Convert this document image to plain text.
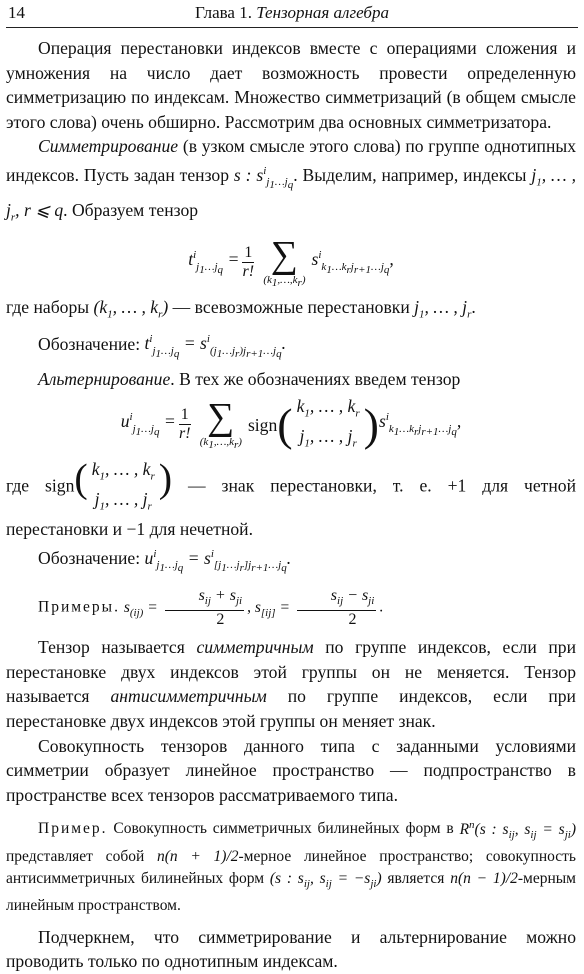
14	Глава 1. Тензорная алгебра

Операция перестановки индексов вместе с операциями сложения и умножения на число дает возможность провести определенную симметризацию по индексам. Множество симметризаций (в общем смысле этого слова) очень обширно. Рассмотрим два основных симметризатора.

Симметрирование (в узком смысле этого слова) по группе однотипных индексов. Пусть задан тензор s : $s^i_{j_1\dots j_q}$. Выделим, например, индексы $j_1$, … , $j_r$, r ⩽ q. Образуем тензор

$t^i_{j_1\dots j_q} = \frac{1}{r!}$ ∑
$(k_1,\dots,k_r)$
$s^i_{k_1\dots k_rj_{r+1}\dots j_q}$,

где наборы ($k_1$, … , $k_r$) — всевозможные перестановки $j_1$, … , $j_r$.

Обозначение: $t^i_{j_1\dots j_q} = s^i_{(j_1\dots j_r)j_{r+1}\dots j_q}$.

Альтернирование. В тех же обозначениях введем тензор

$u^i_{j_1\dots j_q} = \frac{1}{r!}$ ∑
$(k_1,\dots,k_r)$
sign ( $k_1$, … , $k_r$
$j_1$, … , $j_r$ ) $s^i_{k_1\dots k_rj_{r+1}\dots j_q}$,

где sign( $k_1$, … , $k_r$
$j_1$, … , $j_r$
) — знак перестановки, т. е. +1 для четной перестановки и −1 для нечетной.

Обозначение: $u^i_{j_1\dots j_q} = s^i_{[j_1\dots j_r]j_{r+1}\dots j_q}$.

Примеры. $s_{(ij)} = \frac{s_{ij} + s_{ji}}{2}$ , $s_{[ij]} = \frac{s_{ij} - s_{ji}}{2}$ .

Тензор называется симметричным по группе индексов, если при перестановке двух индексов этой группы он не меняется. Тензор называется антисимметричным по группе индексов, если при перестановке двух индексов этой группы он меняет знак.

Совокупность тензоров данного типа с заданными условиями симметрии образует линейное пространство — подпространство в пространстве всех тензоров рассматриваемого типа.

Пример. Совокупность симметричных билинейных форм в $R^n(s$ : $s_{ij}$, $s_{ij} = s_{ji}$) представляет собой n(n + 1)/2-мерное линейное пространство; совокупность антисимметричных билинейных форм (s : $s_{ij}$, $s_{ij} = -s_{ji}$) является n(n − 1)/2-мерным линейным пространством.

Подчеркнем, что симметрирование и альтернирование можно проводить только по однотипным индексам.
